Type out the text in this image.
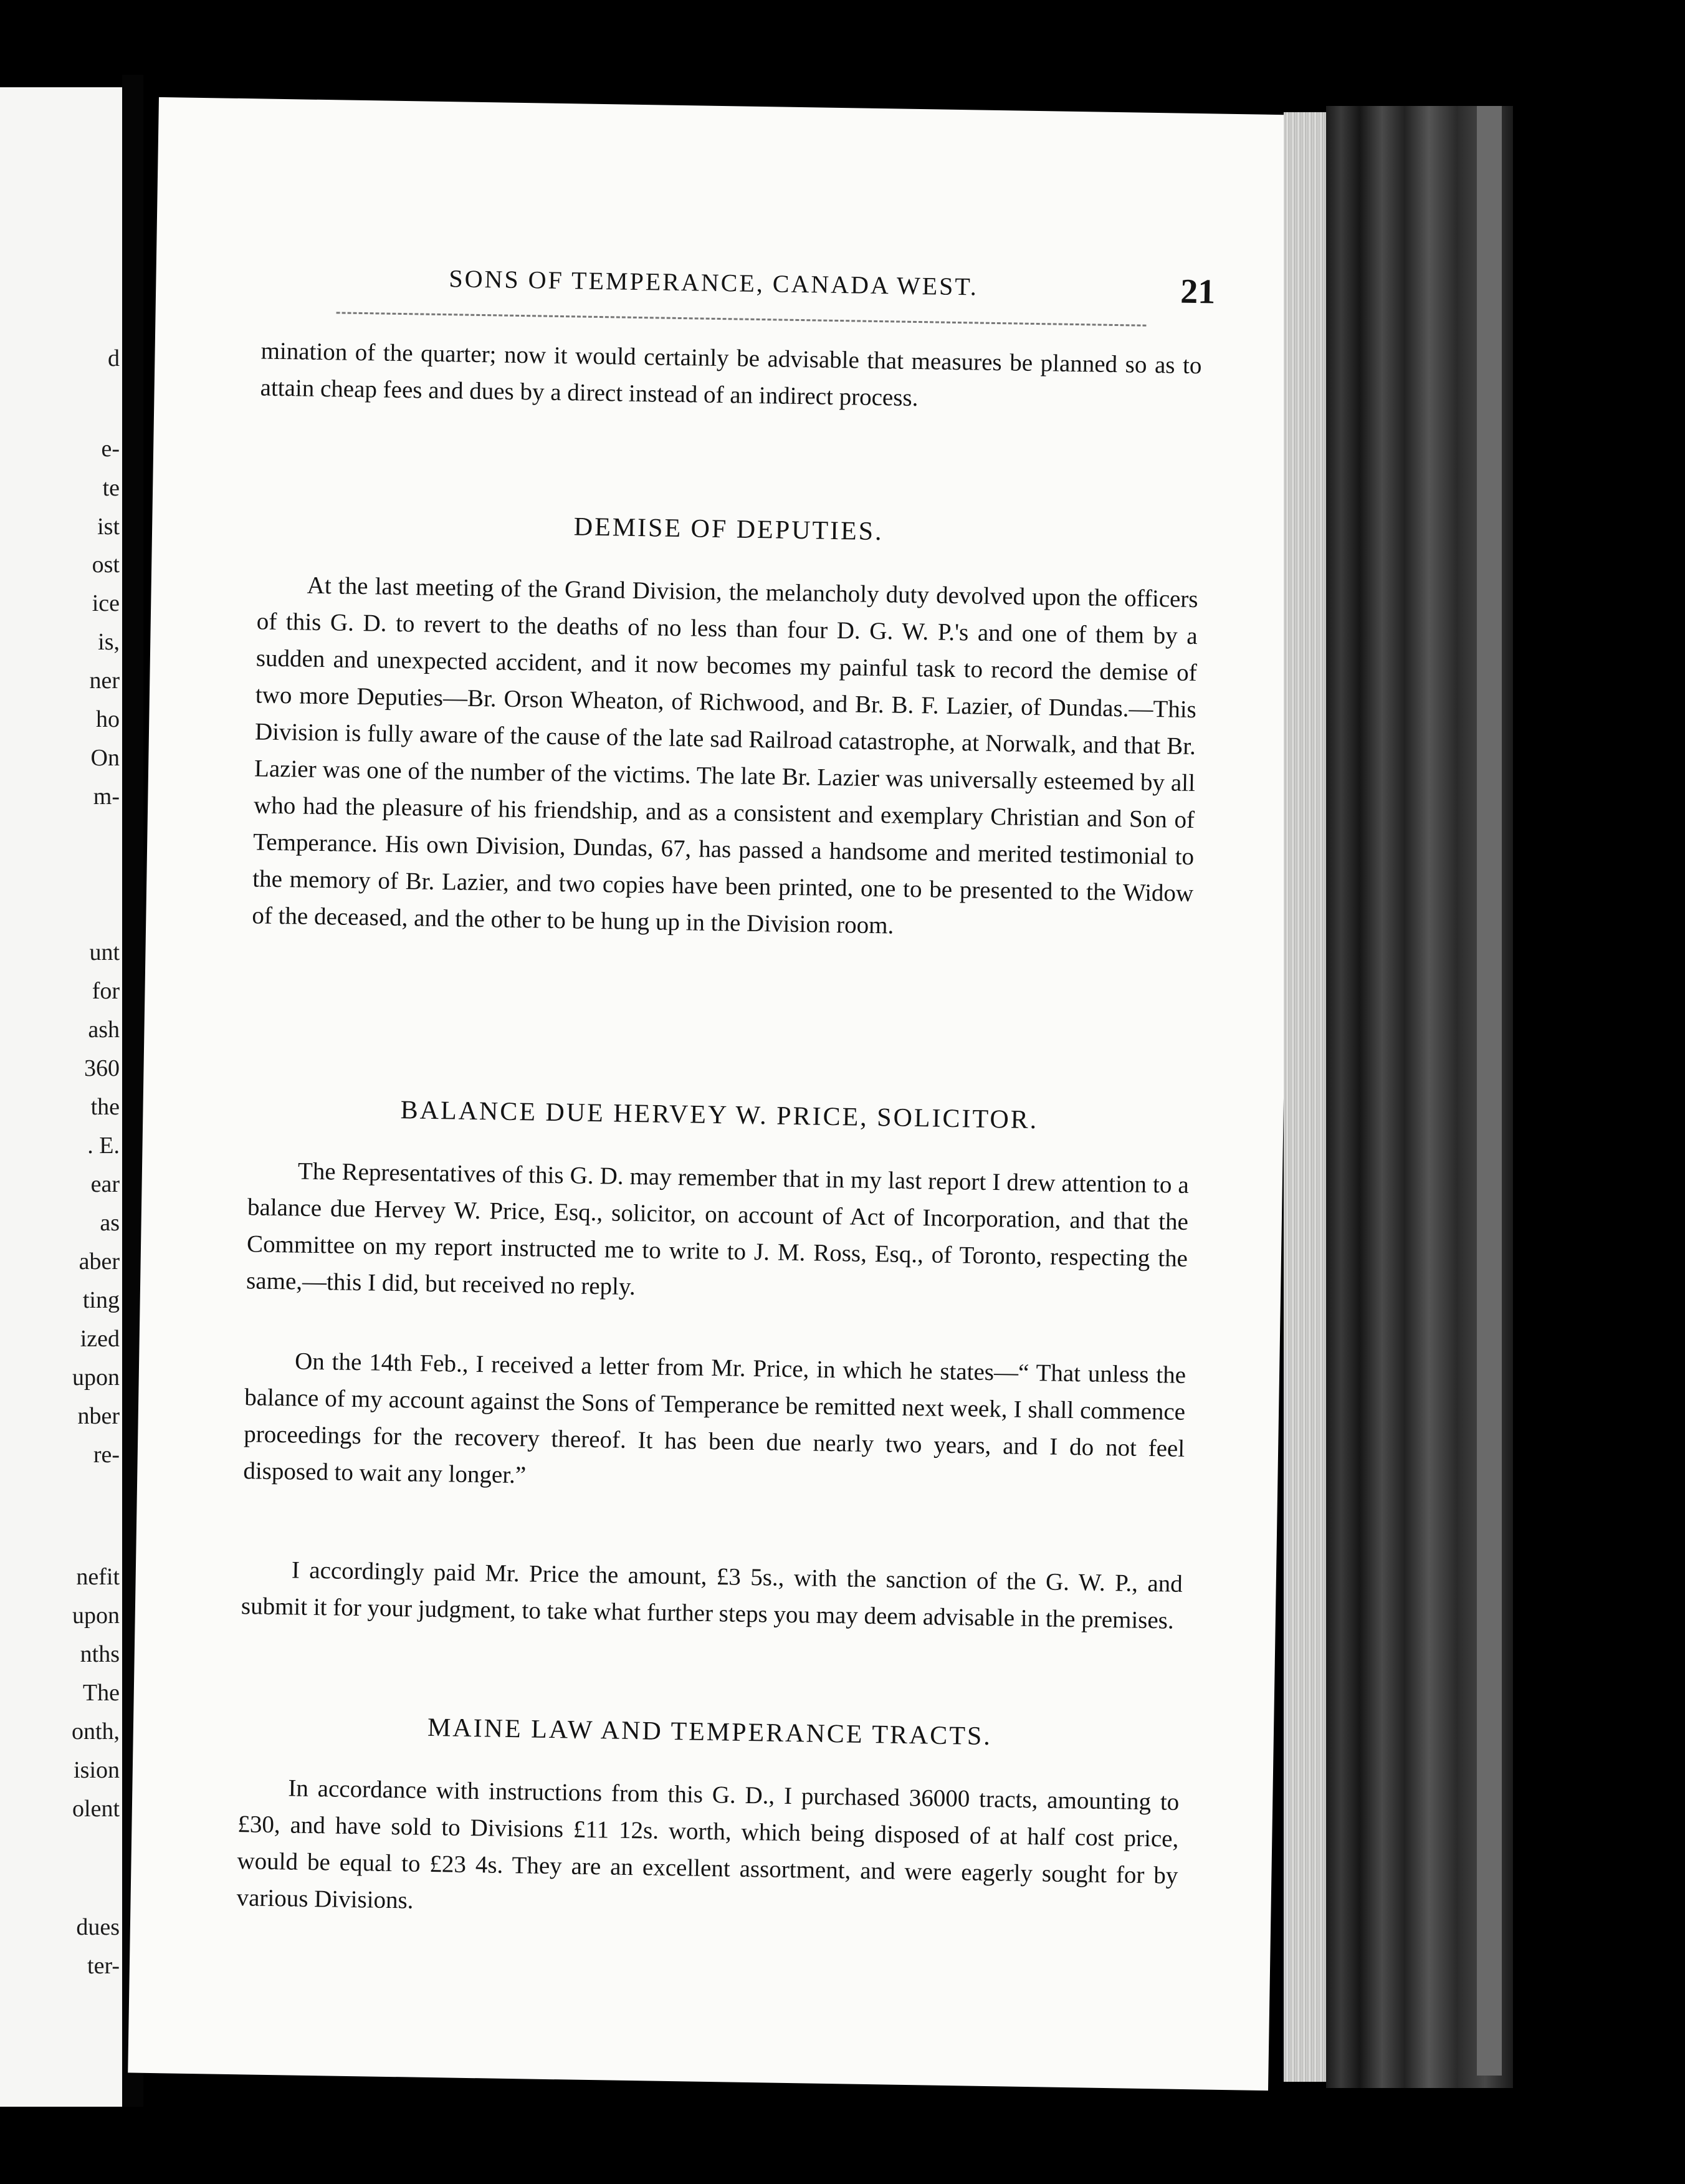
d
e-
te
ist
ost
ice
is,
ner
ho
On
m-
unt
for
ash
360
the
. E.
ear
as
aber
ting
ized
upon
nber
re-
nefit
upon
nths
The
onth,
ision
olent
dues
ter-
SONS OF TEMPERANCE, CANADA WEST.	21

mination of the quarter; now it would certainly be advisable that measures be planned so as to attain cheap fees and dues by a direct instead of an indirect process.

DEMISE OF DEPUTIES.

At the last meeting of the Grand Division, the melancholy duty devolved upon the officers of this G. D. to revert to the deaths of no less than four D. G. W. P.'s and one of them by a sudden and unexpected accident, and it now becomes my painful task to record the demise of two more Deputies—Br. Orson Wheaton, of Richwood, and Br. B. F. Lazier, of Dundas.—This Division is fully aware of the cause of the late sad Railroad catastrophe, at Norwalk, and that Br. Lazier was one of the number of the victims. The late Br. Lazier was universally esteemed by all who had the pleasure of his friendship, and as a consistent and exemplary Christian and Son of Temperance. His own Division, Dundas, 67, has passed a handsome and merited testimonial to the memory of Br. Lazier, and two copies have been printed, one to be presented to the Widow of the deceased, and the other to be hung up in the Division room.

BALANCE DUE HERVEY W. PRICE, SOLICITOR.

The Representatives of this G. D. may remember that in my last report I drew attention to a balance due Hervey W. Price, Esq., solicitor, on account of Act of Incorporation, and that the Committee on my report instructed me to write to J. M. Ross, Esq., of Toronto, respecting the same,—this I did, but received no reply.

On the 14th Feb., I received a letter from Mr. Price, in which he states—“ That unless the balance of my account against the Sons of Temperance be remitted next week, I shall commence proceedings for the recovery thereof. It has been due nearly two years, and I do not feel disposed to wait any longer.”

I accordingly paid Mr. Price the amount, £3 5s., with the sanction of the G. W. P., and submit it for your judgment, to take what further steps you may deem advisable in the premises.

MAINE LAW AND TEMPERANCE TRACTS.

In accordance with instructions from this G. D., I purchased 36000 tracts, amounting to £30, and have sold to Divisions £11 12s. worth, which being disposed of at half cost price, would be equal to £23 4s. They are an excellent assortment, and were eagerly sought for by various Divisions.
